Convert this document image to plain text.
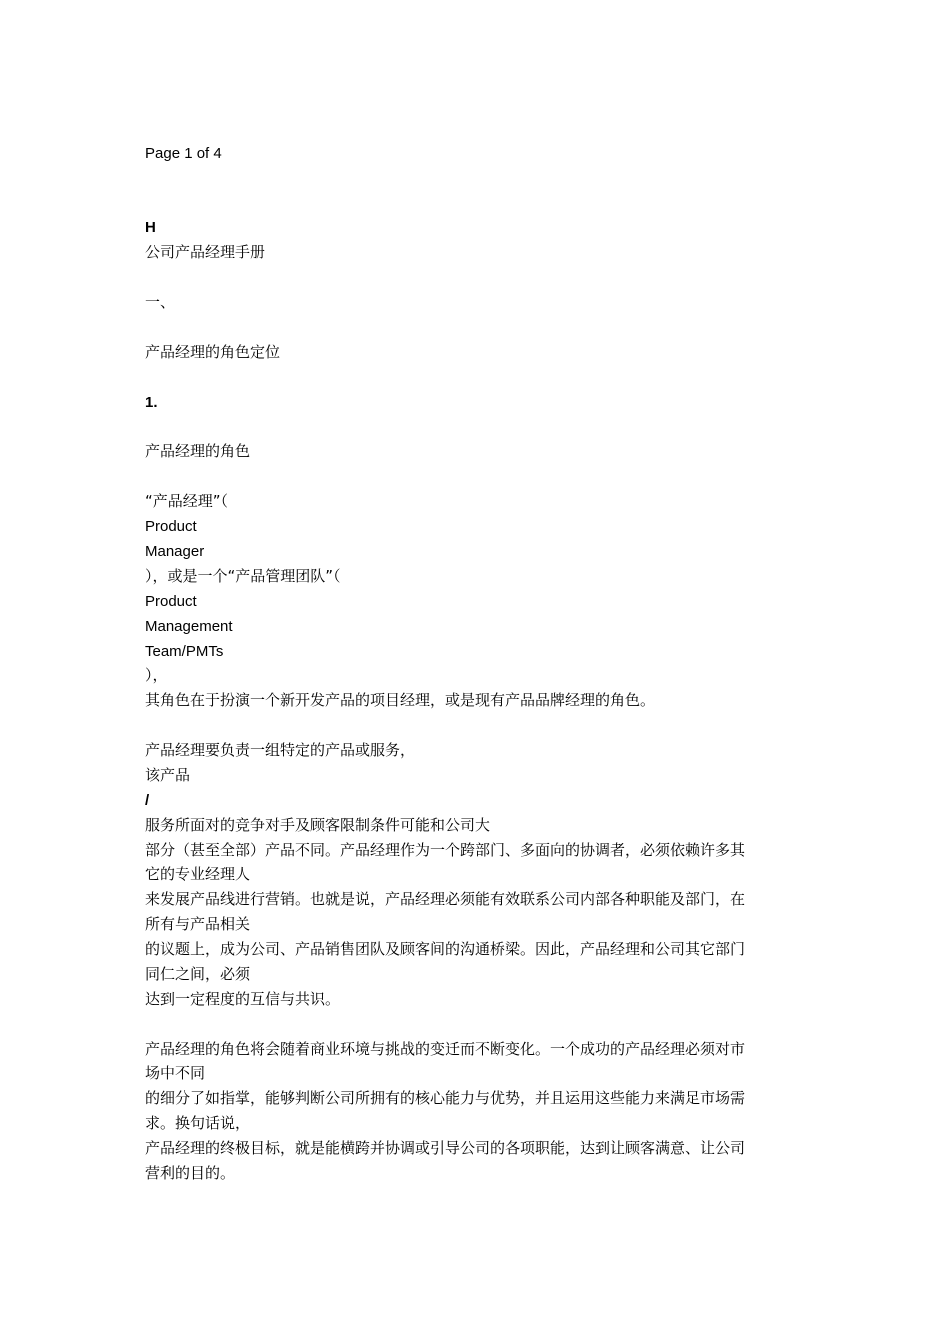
Page 1 of 4
H
公司产品经理手册
一、
产品经理的角色定位
1.
产品经理的角色
“产品经理”（
Product
Manager
），或是一个“产品管理团队”（
Product
Management
Team/PMTs
），
其角色在于扮演一个新开发产品的项目经理，或是现有产品品牌经理的角色。
产品经理要负责一组特定的产品或服务，
该产品
/
服务所面对的竞争对手及顾客限制条件可能和公司大
部分（甚至全部）产品不同。产品经理作为一个跨部门、多面向的协调者，必须依赖许多其
它的专业经理人
来发展产品线进行营销。也就是说，产品经理必须能有效联系公司内部各种职能及部门，在
所有与产品相关
的议题上，成为公司、产品销售团队及顾客间的沟通桥梁。因此，产品经理和公司其它部门
同仁之间，必须
达到一定程度的互信与共识。
产品经理的角色将会随着商业环境与挑战的变迁而不断变化。一个成功的产品经理必须对市
场中不同
的细分了如指掌，能够判断公司所拥有的核心能力与优势，并且运用这些能力来满足市场需
求。换句话说，
产品经理的终极目标，就是能横跨并协调或引导公司的各项职能，达到让顾客满意、让公司
营利的目的。
